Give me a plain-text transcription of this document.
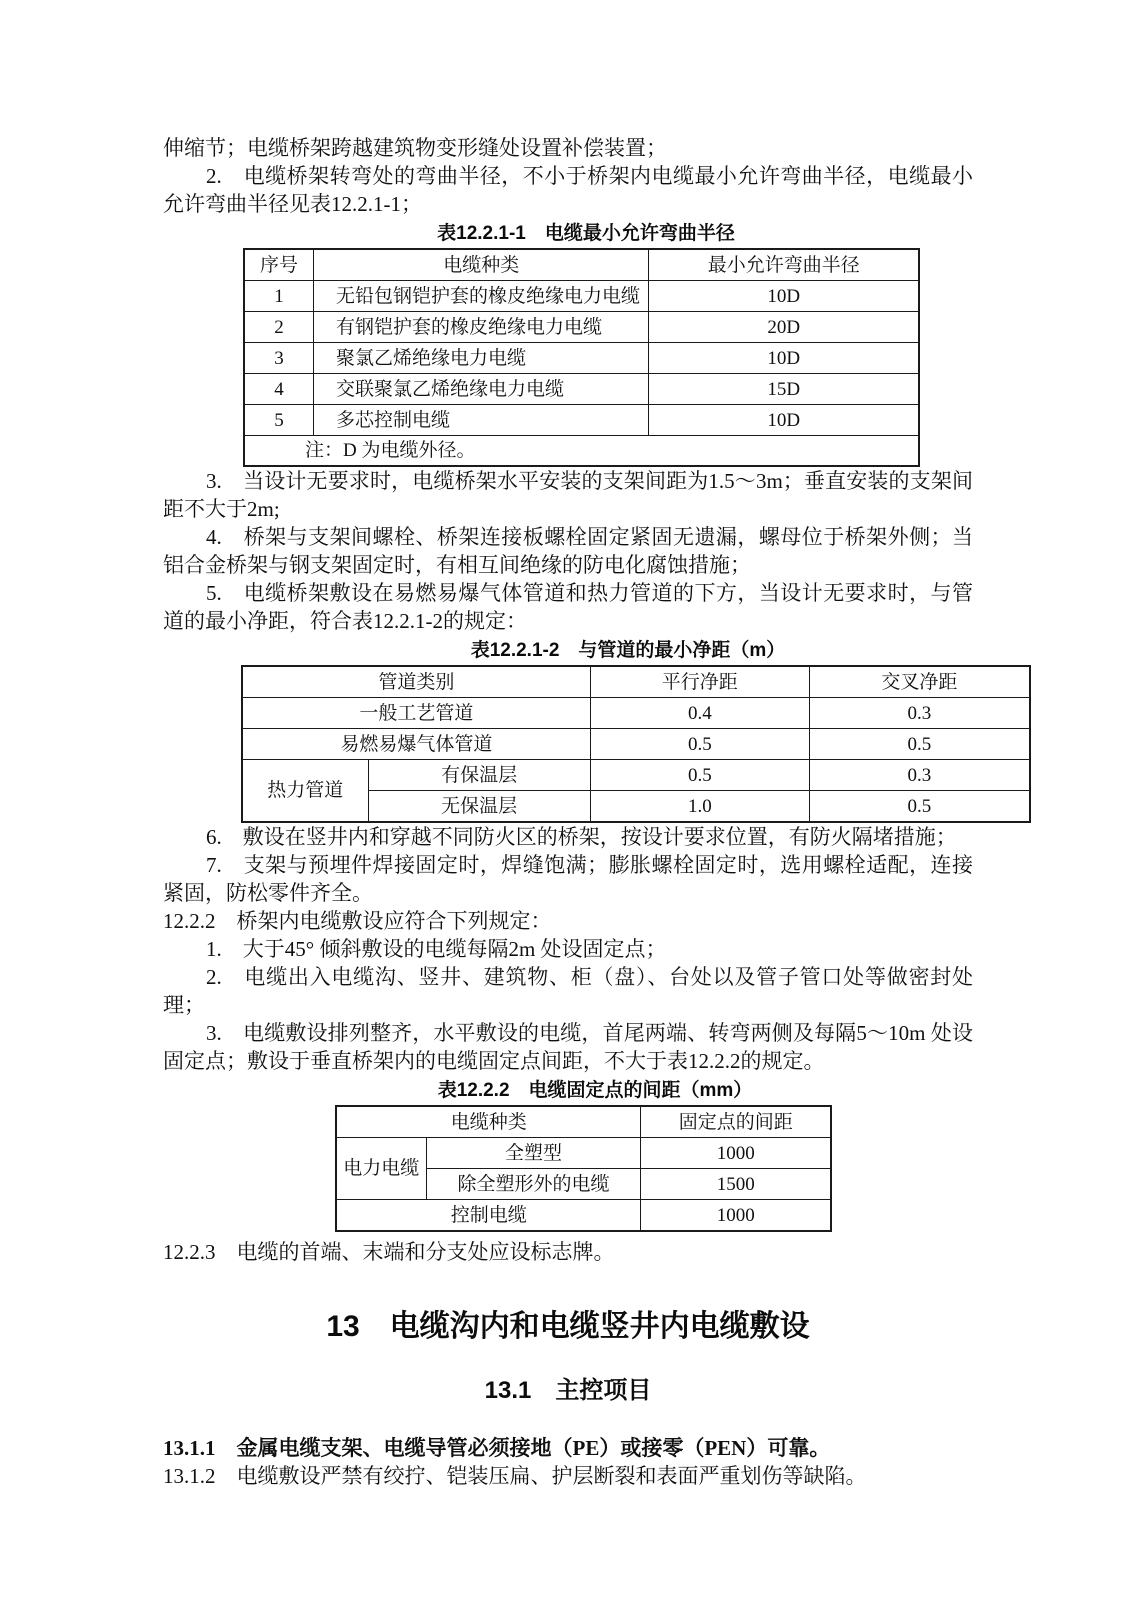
伸缩节；电缆桥架跨越建筑物变形缝处设置补偿装置；

2.　电缆桥架转弯处的弯曲半径，不小于桥架内电缆最小允许弯曲半径，电缆最小允许弯曲半径见表12.2.1-1；

表12.2.1-1　电缆最小允许弯曲半径
序号	电缆种类	最小允许弯曲半径
1	无铅包钢铠护套的橡皮绝缘电力电缆	10D
2	有钢铠护套的橡皮绝缘电力电缆	20D
3	聚氯乙烯绝缘电力电缆	10D
4	交联聚氯乙烯绝缘电力电缆	15D
5	多芯控制电缆	10D
注：D 为电缆外径。		

3.　当设计无要求时，电缆桥架水平安装的支架间距为1.5～3m；垂直安装的支架间距不大于2m;

4.　桥架与支架间螺栓、桥架连接板螺栓固定紧固无遗漏，螺母位于桥架外侧；当铝合金桥架与钢支架固定时，有相互间绝缘的防电化腐蚀措施；

5.　电缆桥架敷设在易燃易爆气体管道和热力管道的下方，当设计无要求时，与管道的最小净距，符合表12.2.1-2的规定：

表12.2.1-2　与管道的最小净距（m）
管道类别		平行净距	交叉净距
一般工艺管道		0.4	0.3
易燃易爆气体管道		0.5	0.5
热力管道	有保温层	0.5	0.3
	无保温层	1.0	0.5

6.　敷设在竖井内和穿越不同防火区的桥架，按设计要求位置，有防火隔堵措施；

7.　支架与预埋件焊接固定时，焊缝饱满；膨胀螺栓固定时，选用螺栓适配，连接紧固，防松零件齐全。

12.2.2　桥架内电缆敷设应符合下列规定：

1.　大于45° 倾斜敷设的电缆每隔2m 处设固定点；

2.　电缆出入电缆沟、竖井、建筑物、柜（盘）、台处以及管子管口处等做密封处理；

3.　电缆敷设排列整齐，水平敷设的电缆，首尾两端、转弯两侧及每隔5～10m 处设固定点；敷设于垂直桥架内的电缆固定点间距，不大于表12.2.2的规定。

表12.2.2　电缆固定点的间距（mm）
电缆种类		固定点的间距
电力电缆	全塑型	1000
	除全塑形外的电缆	1500
控制电缆		1000

12.2.3　电缆的首端、末端和分支处应设标志牌。

13　电缆沟内和电缆竖井内电缆敷设
13.1　主控项目

13.1.1　金属电缆支架、电缆导管必须接地（PE）或接零（PEN）可靠。

13.1.2　电缆敷设严禁有绞拧、铠装压扁、护层断裂和表面严重划伤等缺陷。
